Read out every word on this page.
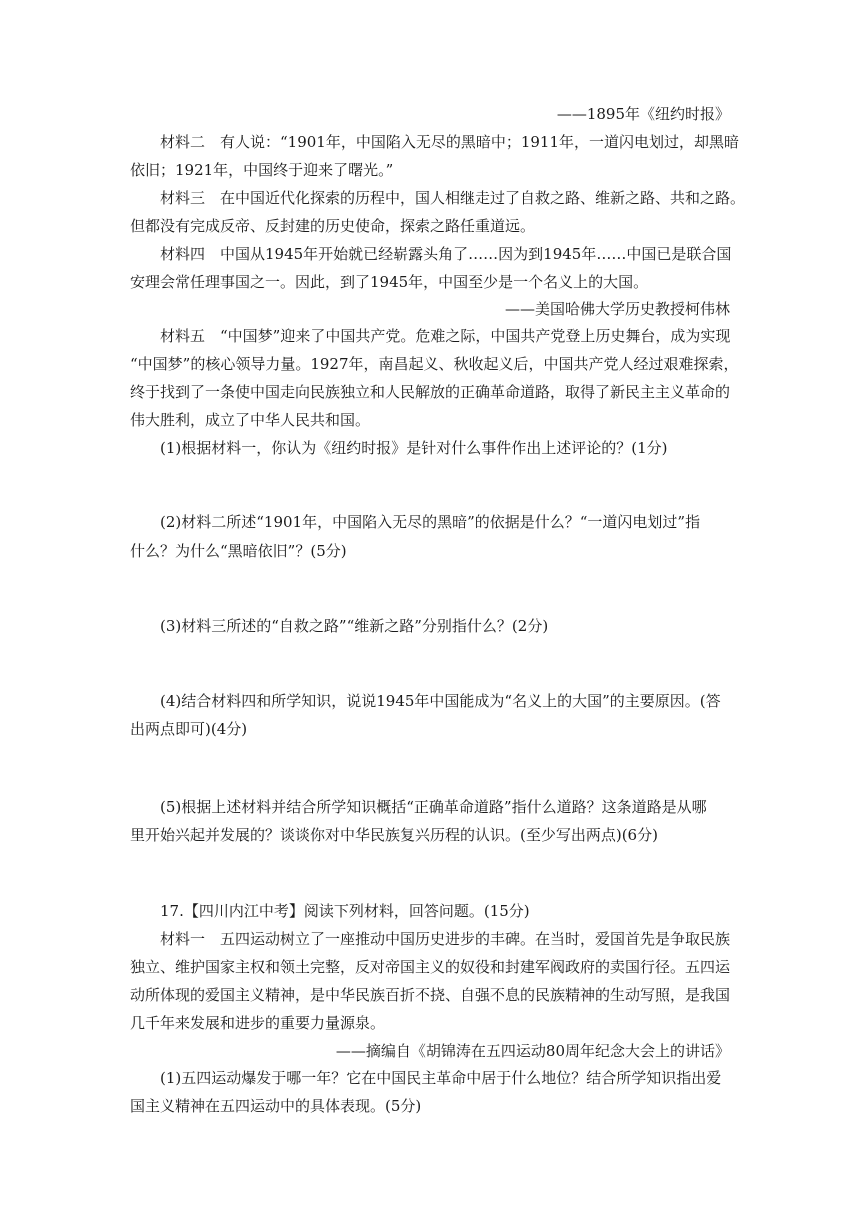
——1895年《纽约时报》
材料二　有人说：“1901年，中国陷入无尽的黑暗中；1911年，一道闪电划过，却黑暗
依旧；1921年，中国终于迎来了曙光。”
材料三　在中国近代化探索的历程中，国人相继走过了自救之路、维新之路、共和之路。
但都没有完成反帝、反封建的历史使命，探索之路任重道远。
材料四　中国从1945年开始就已经崭露头角了……因为到1945年……中国已是联合国
安理会常任理事国之一。因此，到了1945年，中国至少是一个名义上的大国。
——美国哈佛大学历史教授柯伟林
材料五　“中国梦”迎来了中国共产党。危难之际，中国共产党登上历史舞台，成为实现
“中国梦”的核心领导力量。1927年，南昌起义、秋收起义后，中国共产党人经过艰难探索，
终于找到了一条使中国走向民族独立和人民解放的正确革命道路，取得了新民主主义革命的
伟大胜利，成立了中华人民共和国。
(1)根据材料一，你认为《纽约时报》是针对什么事件作出上述评论的？(1分)
(2)材料二所述“1901年，中国陷入无尽的黑暗”的依据是什么？“一道闪电划过”指
什么？为什么“黑暗依旧”？(5分)
(3)材料三所述的“自救之路”“维新之路”分别指什么？(2分)
(4)结合材料四和所学知识，说说1945年中国能成为“名义上的大国”的主要原因。(答
出两点即可)(4分)
(5)根据上述材料并结合所学知识概括“正确革命道路”指什么道路？这条道路是从哪
里开始兴起并发展的？谈谈你对中华民族复兴历程的认识。(至少写出两点)(6分)
17.【四川内江中考】阅读下列材料，回答问题。(15分)
材料一　五四运动树立了一座推动中国历史进步的丰碑。在当时，爱国首先是争取民族
独立、维护国家主权和领土完整，反对帝国主义的奴役和封建军阀政府的卖国行径。五四运
动所体现的爱国主义精神，是中华民族百折不挠、自强不息的民族精神的生动写照，是我国
几千年来发展和进步的重要力量源泉。
——摘编自《胡锦涛在五四运动80周年纪念大会上的讲话》
(1)五四运动爆发于哪一年？它在中国民主革命中居于什么地位？结合所学知识指出爱
国主义精神在五四运动中的具体表现。(5分)
